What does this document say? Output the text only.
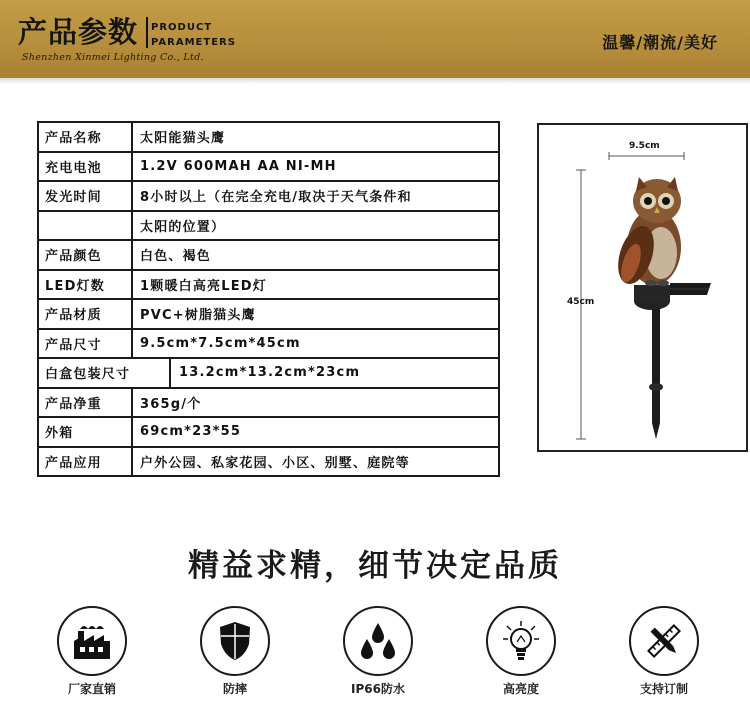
产品参数 PRODUCT
PARAMETERS
Shenzhen Xinmei Lighting Co., Ltd.
温馨/潮流/美好
产品名称	太阳能猫头鹰
充电电池	1.2V 600MAH AA NI-MH
发光时间	8小时以上（在完全充电/取决于天气条件和
	太阳的位置）
产品颜色	白色、褐色
LED灯数	1颗暖白高亮LED灯
产品材质	PVC+树脂猫头鹰
产品尺寸	9.5cm*7.5cm*45cm

白盒包装尺寸	13.2cm*13.2cm*23cm

产品净重	365g/个
外箱	69cm*23*55
产品应用	户外公园、私家花园、小区、别墅、庭院等
9.5cm
45cm
精益求精，细节决定品质
厂家直销	防摔	IP66防水	高亮度	支持订制
